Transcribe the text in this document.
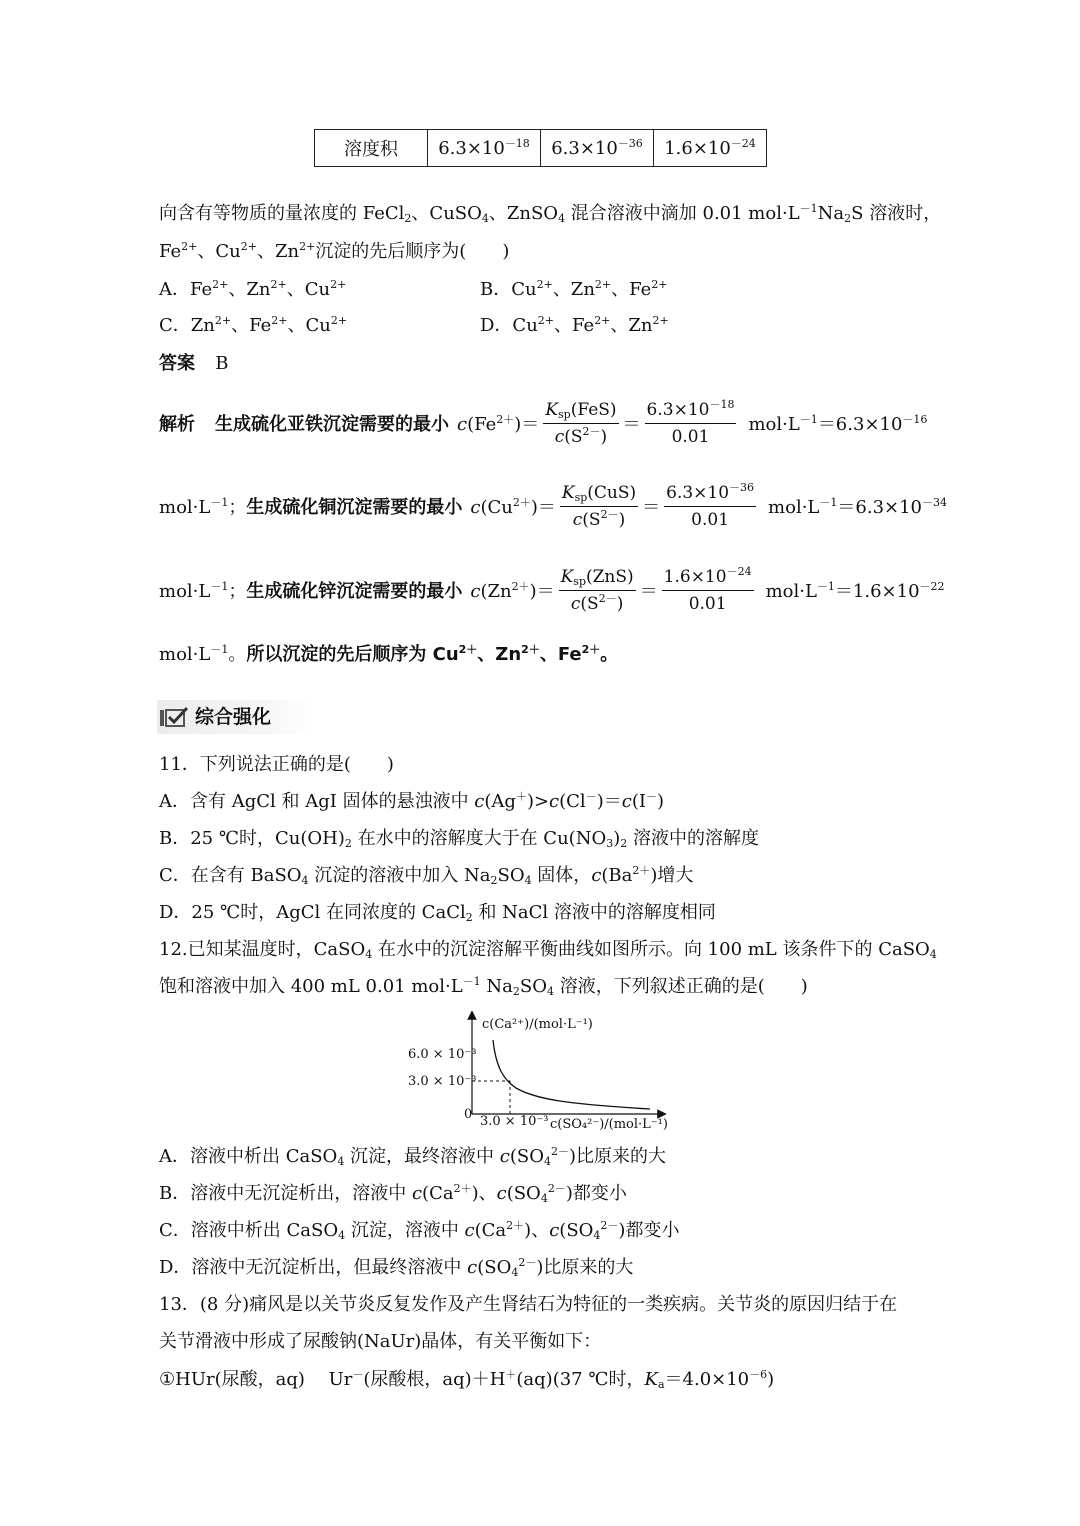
溶度积	$6.3\times 10^{-18}$	$6.3\times 10^{-36}$	$1.6\times 10^{-24}$
向含有等物质的量浓度的 FeCl$_2$、CuSO$_4$、ZnSO$_4$ 混合溶液中滴加 0.01 $mol\cdot L^{-1}Na_2S$ 溶液时，
$Fe^{2+}$、$Cu^{2+}$、$Zn^{2+}$沉淀的先后顺序为(　　)
A．$Fe^{2+}$、$Zn^{2+}$、$Cu^{2+}$	B．$Cu^{2+}$、$Zn^{2+}$、$Fe^{2+}$
C．$Zn^{2+}$、$Fe^{2+}$、$Cu^{2+}$	D．$Cu^{2+}$、$Fe^{2+}$、$Zn^{2+}$
答案 B
解析 生成硫化亚铁沉淀需要的最小 $c(Fe^{2+})= \frac{K_{sp}(FeS)}{c(S^{2-})} = \frac{6.3\times 10^{-18}}{0.01} mol\cdot L^{-1}=6.3\times 10^{-16}$
$mol\cdot L^{-1}$； 生成硫化铜沉淀需要的最小 $c(Cu^{2+})= \frac{K_{sp}(CuS)}{c(S^{2-})} = \frac{6.3\times 10^{-36}}{0.01} mol\cdot L^{-1}=6.3\times 10^{-34}$
$mol\cdot L^{-1}$； 生成硫化锌沉淀需要的最小 $c(Zn^{2+})= \frac{K_{sp}(ZnS)}{c(S^{2-})} = \frac{1.6\times 10^{-24}}{0.01} mol\cdot L^{-1}=1.6\times 10^{-22}$
$mol\cdot L^{-1}$。所以沉淀的先后顺序为 $Cu^{2+}$、$Zn^{2+}$、$Fe^{2+}$。
综合强化
11．下列说法正确的是(　　)
A．含有 AgCl 和 AgI 固体的悬浊液中 c(Ag＋)>c(Cl－)＝c(I－)
B．25 ℃时，$Cu(OH)_2$ 在水中的溶解度大于在 $Cu(NO_3)_2$ 溶液中的溶解度
C．在含有 BaSO$_4$ 沉淀的溶液中加入 $Na_2SO_4$ 固体，$c(Ba^{2+})$增大
D．25 ℃时，AgCl 在同浓度的 CaCl$_2$ 和 NaCl 溶液中的溶解度相同
12.已知某温度时，CaSO$_4$ 在水中的沉淀溶解平衡曲线如图所示。向 100 mL 该条件下的 CaSO$_4$
饱和溶液中加入 400 mL 0.01 $mol\cdot L^{-1}$ $Na_2SO_4$ 溶液，下列叙述正确的是(　　)
c(Ca²⁺)/(mol·L⁻¹)
6.0 × 10⁻³
3.0 × 10⁻³
0 3.0 × 10⁻³ c(SO₄²⁻)/(mol·L⁻¹)
A．溶液中析出 CaSO$_4$ 沉淀，最终溶液中 $c(SO_4^{2-})$比原来的大
B．溶液中无沉淀析出，溶液中 $c(Ca^{2+})$、$c(SO_4^{2-})$都变小
C．溶液中析出 CaSO$_4$ 沉淀，溶液中 $c(Ca^{2+})$、$c(SO_4^{2-})$都变小
D．溶液中无沉淀析出，但最终溶液中 $c(SO_4^{2-})$比原来的大
13．(8 分)痛风是以关节炎反复发作及产生肾结石为特征的一类疾病。关节炎的原因归结于在
关节滑液中形成了尿酸钠(NaUr)晶体，有关平衡如下：
①HUr(尿酸，aq)　 Ur－(尿酸根，aq)＋H＋(aq)(37 ℃时，$K_a=4.0\times 10^{-6}$)
